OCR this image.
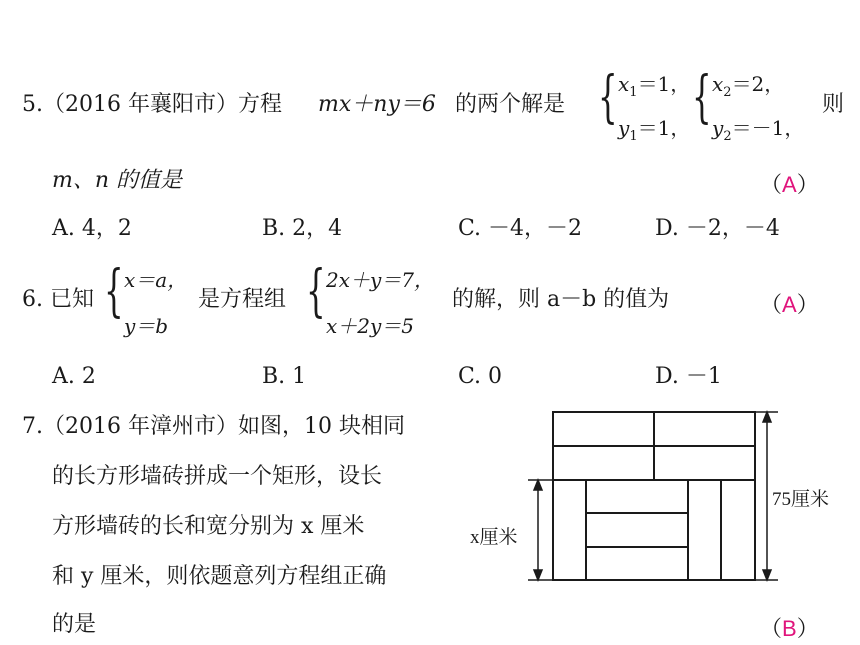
5.（2016 年襄阳市）方程 mx＋ny＝6 的两个解是 {

$x_1=1$，

$y_1=1$， {

$x_2=2$，

$y_2=-1$，

则
m、n 的值是	（A）
A. 4，2	B. 2，4	C. －4，－2	D. －2，－4
6. 已知 {

x＝a，

y＝b

是方程组 {

2x＋y＝7，

x＋2y＝5

的解，则 a－b 的值为	（A）
A. 2	B. 1	C. 0	D. －1
7.（2016 年漳州市）如图，10 块相同
的长方形墙砖拼成一个矩形，设长
方形墙砖的长和宽分别为 x 厘米
和 y 厘米，则依题意列方程组正确
的是	（B）
x厘米
75厘米
